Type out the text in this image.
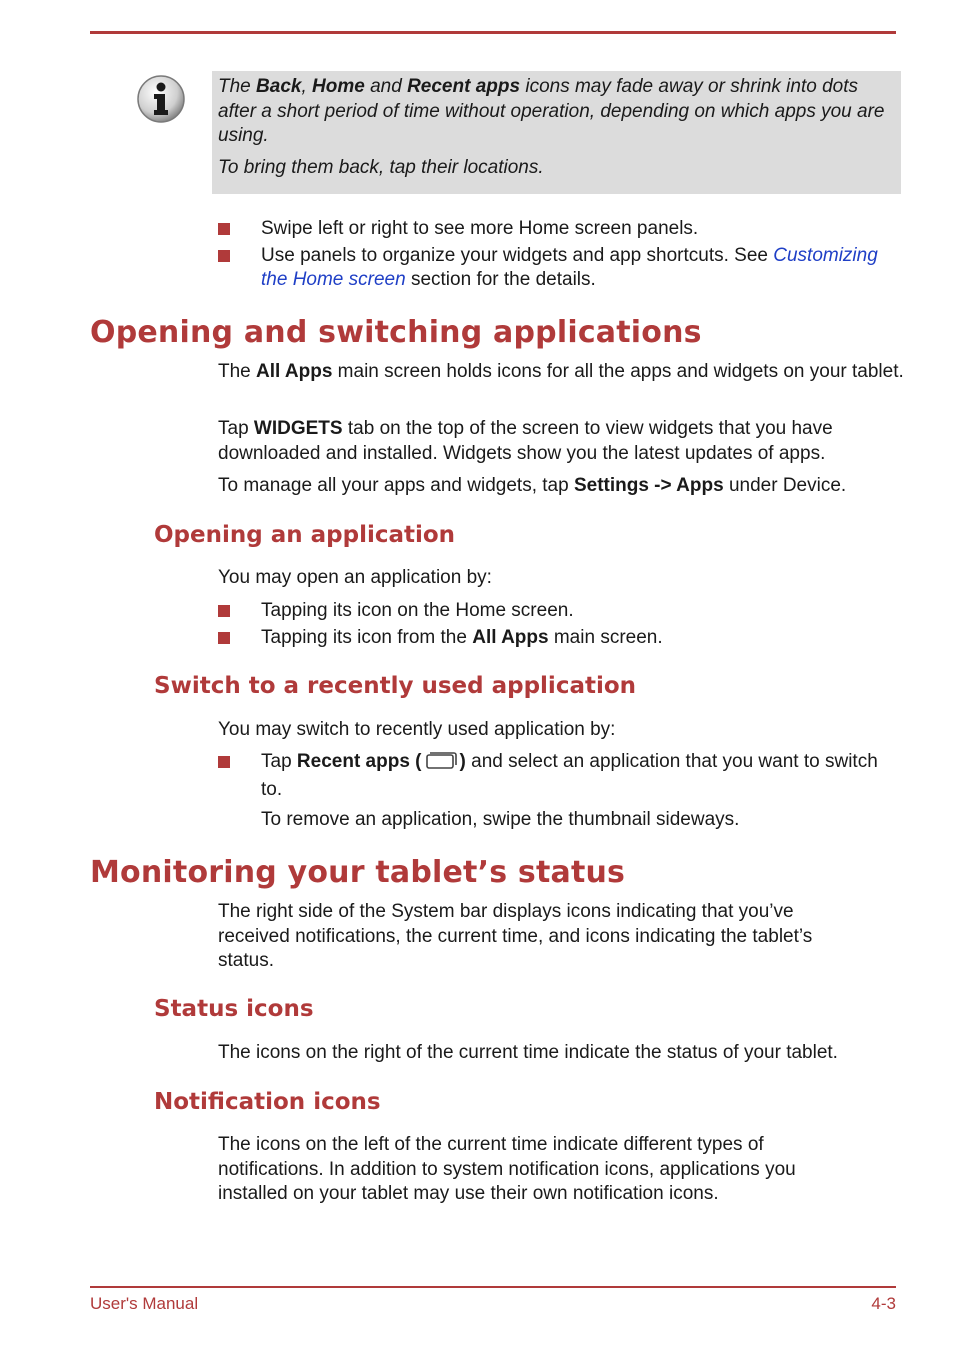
The Back, Home and Recent apps icons may fade away or shrink into dots after a short period of time without operation, depending on which apps you are using.

To bring them back, tap their locations.

Swipe left or right to see more Home screen panels.
Use panels to organize your widgets and app shortcuts. See Customizing the Home screen section for the details.
Opening and switching applications

The All Apps main screen holds icons for all the apps and widgets on your tablet.

Tap WIDGETS tab on the top of the screen to view widgets that you have downloaded and installed. Widgets show you the latest updates of apps.

To manage all your apps and widgets, tap Settings -> Apps under Device.

Opening an application

You may open an application by:

Tapping its icon on the Home screen.
Tapping its icon from the All Apps main screen.
Switch to a recently used application

You may switch to recently used application by:

Tap Recent apps ( ) and select an application that you want to switch to.

To remove an application, swipe the thumbnail sideways.

Monitoring your tablet’s status

The right side of the System bar displays icons indicating that you’ve received notifications, the current time, and icons indicating the tablet’s status.

Status icons

The icons on the right of the current time indicate the status of your tablet.

Notification icons

The icons on the left of the current time indicate different types of notifications. In addition to system notification icons, applications you installed on your tablet may use their own notification icons.

User's Manual	4-3
